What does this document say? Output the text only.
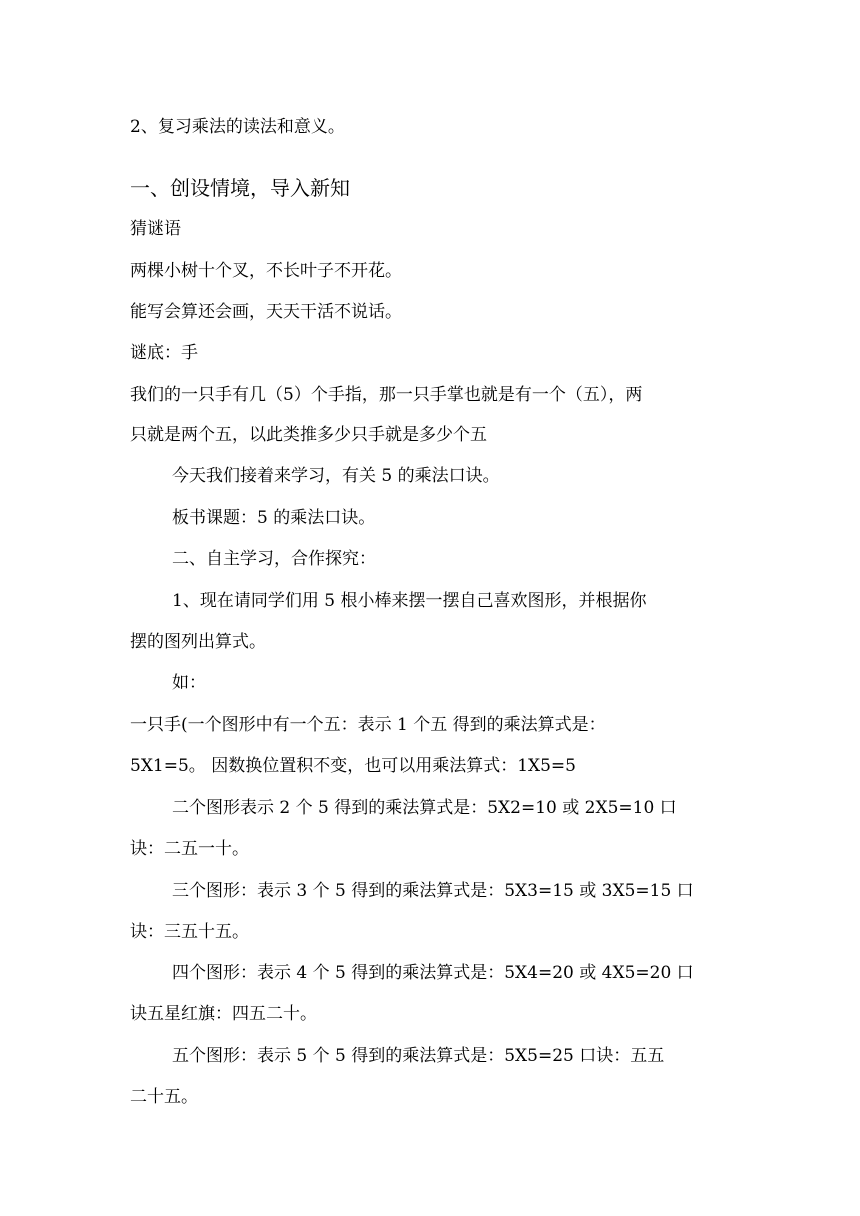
2、复习乘法的读法和意义。
一、创设情境，导入新知
猜谜语
两棵小树十个叉，不长叶子不开花。
能写会算还会画，天天干活不说话。
谜底：手
我们的一只手有几（5）个手指，那一只手掌也就是有一个（五），两
只就是两个五，以此类推多少只手就是多少个五
今天我们接着来学习，有关 5 的乘法口诀。
板书课题：5 的乘法口诀。
二、自主学习，合作探究：
1、现在请同学们用 5 根小棒来摆一摆自己喜欢图形，并根据你
摆的图列出算式。
如：
一只手(一个图形中有一个五：表示 1 个五 得到的乘法算式是：
5X1=5。 因数换位置积不变，也可以用乘法算式：1X5=5
二个图形表示 2 个 5 得到的乘法算式是：5X2=10 或 2X5=10 口
诀：二五一十。
三个图形：表示 3 个 5 得到的乘法算式是：5X3=15 或 3X5=15 口
诀：三五十五。
四个图形：表示 4 个 5 得到的乘法算式是：5X4=20 或 4X5=20 口
诀五星红旗：四五二十。
五个图形：表示 5 个 5 得到的乘法算式是：5X5=25 口诀：五五
二十五。
